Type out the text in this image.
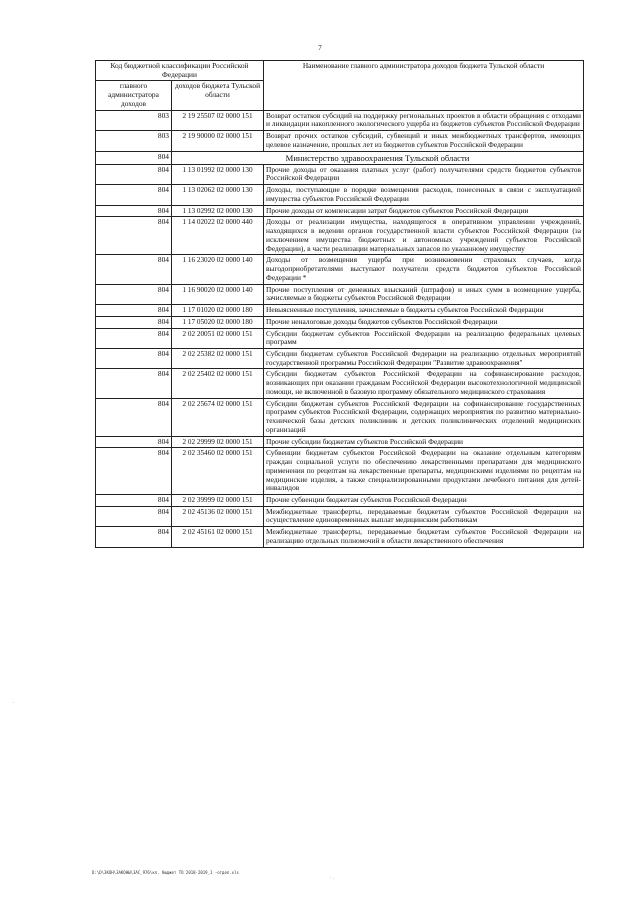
7
Код бюджетной классификации Российской Федерации		Наименование главного администратора доходов бюджета Тульской области
главного администратора доходов	доходов бюджета Тульской области	
803	2 19 25507 02 0000 151	Возврат остатков субсидий на поддержку региональных проектов в области обращения с отходами и ликвидации накопленного экологического ущерба из бюджетов субъектов Российской Федерации
803	2 19 90000 02 0000 151	Возврат прочих остатков субсидий, субвенций и иных межбюджетных трансфертов, имеющих целевое назначение, прошлых лет из бюджетов субъектов Российской Федерации
804	Министерство здравоохранения Тульской области	
804	1 13 01992 02 0000 130	Прочие доходы от оказания платных услуг (работ) получателями средств бюджетов субъектов Российской Федерации
804	1 13 02062 02 0000 130	Доходы, поступающие в порядке возмещения расходов, понесенных в связи с эксплуатацией имущества субъектов Российской Федерации
804	1 13 02992 02 0000 130	Прочие доходы от компенсации затрат бюджетов субъектов Российской Федерации
804	1 14 02022 02 0000 440	Доходы от реализации имущества, находящегося в оперативном управлении учреждений, находящихся в ведении органов государственной власти субъектов Российской Федерации (за исключением имущества бюджетных и автономных учреждений субъектов Российской Федерации), в части реализации материальных запасов по указанному имуществу
804	1 16 23020 02 0000 140	Доходы от возмещения ущерба при возникновении страховых случаев, когда выгодоприобретателями выступают получатели средств бюджетов субъектов Российской Федерации *
804	1 16 90020 02 0000 140	Прочие поступления от денежных взысканий (штрафов) и иных сумм в возмещение ущерба, зачисляемые в бюджеты субъектов Российской Федерации
804	1 17 01020 02 0000 180	Невыясненные поступления, зачисляемые в бюджеты субъектов Российской Федерации
804	1 17 05020 02 0000 180	Прочие неналоговые доходы бюджетов субъектов Российской Федерации
804	2 02 20051 02 0000 151	Субсидии бюджетам субъектов Российской Федерации на реализацию федеральных целевых программ
804	2 02 25382 02 0000 151	Субсидии бюджетам субъектов Российской Федерации на реализацию отдельных мероприятий государственной программы Российской Федерации "Развитие здравоохранения"
804	2 02 25402 02 0000 151	Субсидии бюджетам субъектов Российской Федерации на софинансирование расходов, возникающих при оказании гражданам Российской Федерации высокотехнологичной медицинской помощи, не включенной в базовую программу обязательного медицинского страхования
804	2 02 25674 02 0000 151	Субсидии бюджетам субъектов Российской Федерации на софинансирование государственных программ субъектов Российской Федерации, содержащих мероприятия по развитию материально-технической базы детских поликлиник и детских поликлинических отделений медицинских организаций
804	2 02 29999 02 0000 151	Прочие субсидии бюджетам субъектов Российской Федерации
804	2 02 35460 02 0000 151	Субвенции бюджетам субъектов Российской Федерации на оказание отдельным категориям граждан социальной услуги по обеспечению лекарственными препаратами для медицинского применения по рецептам на лекарственные препараты, медицинскими изделиями по рецептам на медицинские изделия, а также специализированными продуктами лечебного питания для детей-инвалидов
804	2 02 39999 02 0000 151	Прочие субвенции бюджетам субъектов Российской Федерации
804	2 02 45136 02 0000 151	Межбюджетные трансферты, передаваемые бюджетам субъектов Российской Федерации на осуществление единовременных выплат медицинским работникам
804	2 02 45161 02 0000 151	Межбюджетные трансферты, передаваемые бюджетам субъектов Российской Федерации на реализацию отдельных полномочий в области лекарственного обеспечения
D:\D\ЗКОН\ЗАКОНЫ\ЗАС_976\кл. бюджет ТО 2018-2019_1 -отдел.xls
.
· .
